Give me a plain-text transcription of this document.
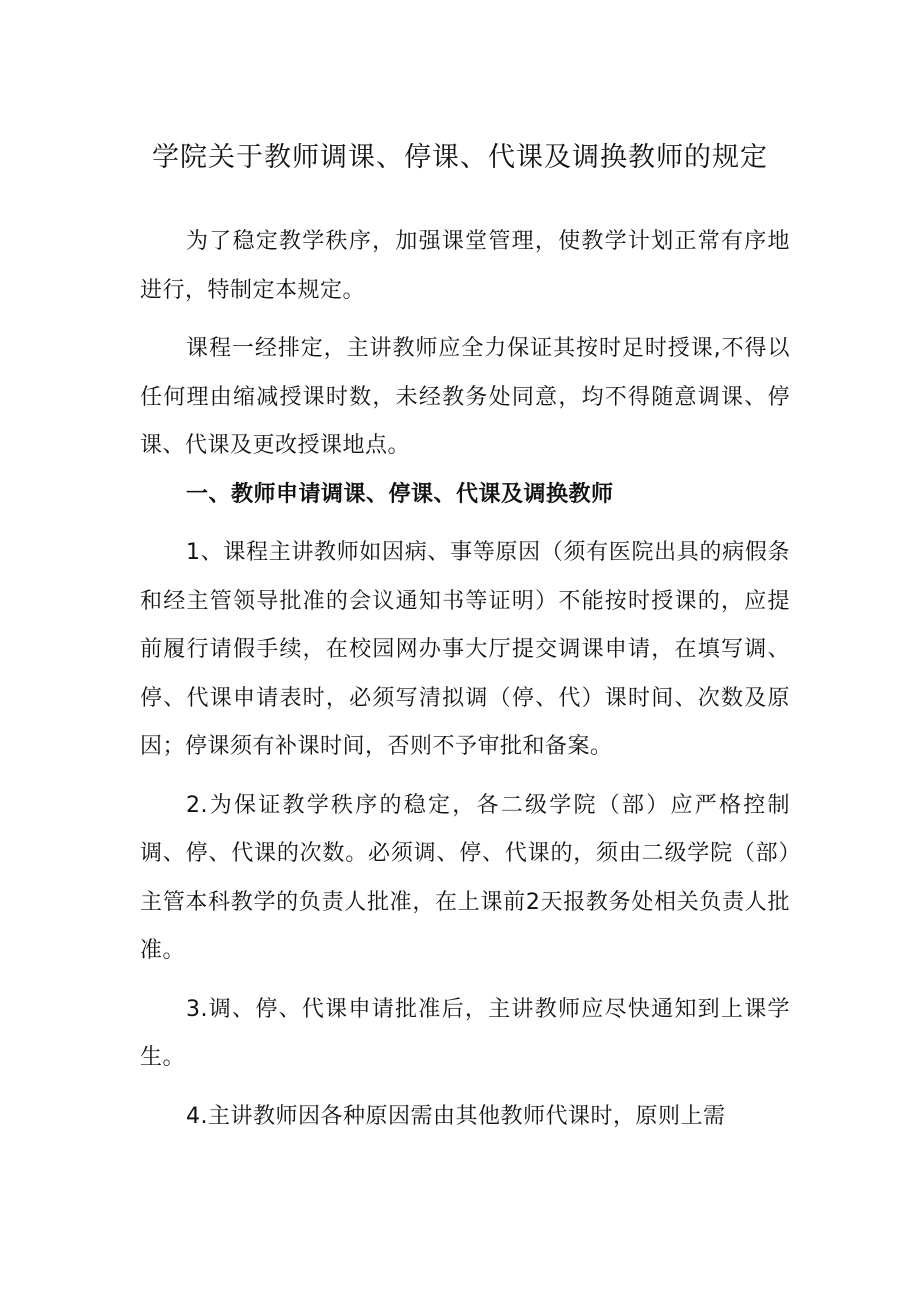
学院关于教师调课、停课、代课及调换教师的规定

为了稳定教学秩序，加强课堂管理，使教学计划正常有序地进行，特制定本规定。

课程一经排定，主讲教师应全力保证其按时足时授课,不得以任何理由缩减授课时数，未经教务处同意，均不得随意调课、停课、代课及更改授课地点。

一、教师申请调课、停课、代课及调换教师

1、课程主讲教师如因病、事等原因（须有医院出具的病假条和经主管领导批准的会议通知书等证明）不能按时授课的，应提前履行请假手续，在校园网办事大厅提交调课申请，在填写调、停、代课申请表时，必须写清拟调（停、代）课时间、次数及原因；停课须有补课时间，否则不予审批和备案。

2.为保证教学秩序的稳定，各二级学院（部）应严格控制调、停、代课的次数。必须调、停、代课的，须由二级学院（部）主管本科教学的负责人批准，在上课前2天报教务处相关负责人批准。

3.调、停、代课申请批准后，主讲教师应尽快通知到上课学生。

4.主讲教师因各种原因需由其他教师代课时，原则上需
